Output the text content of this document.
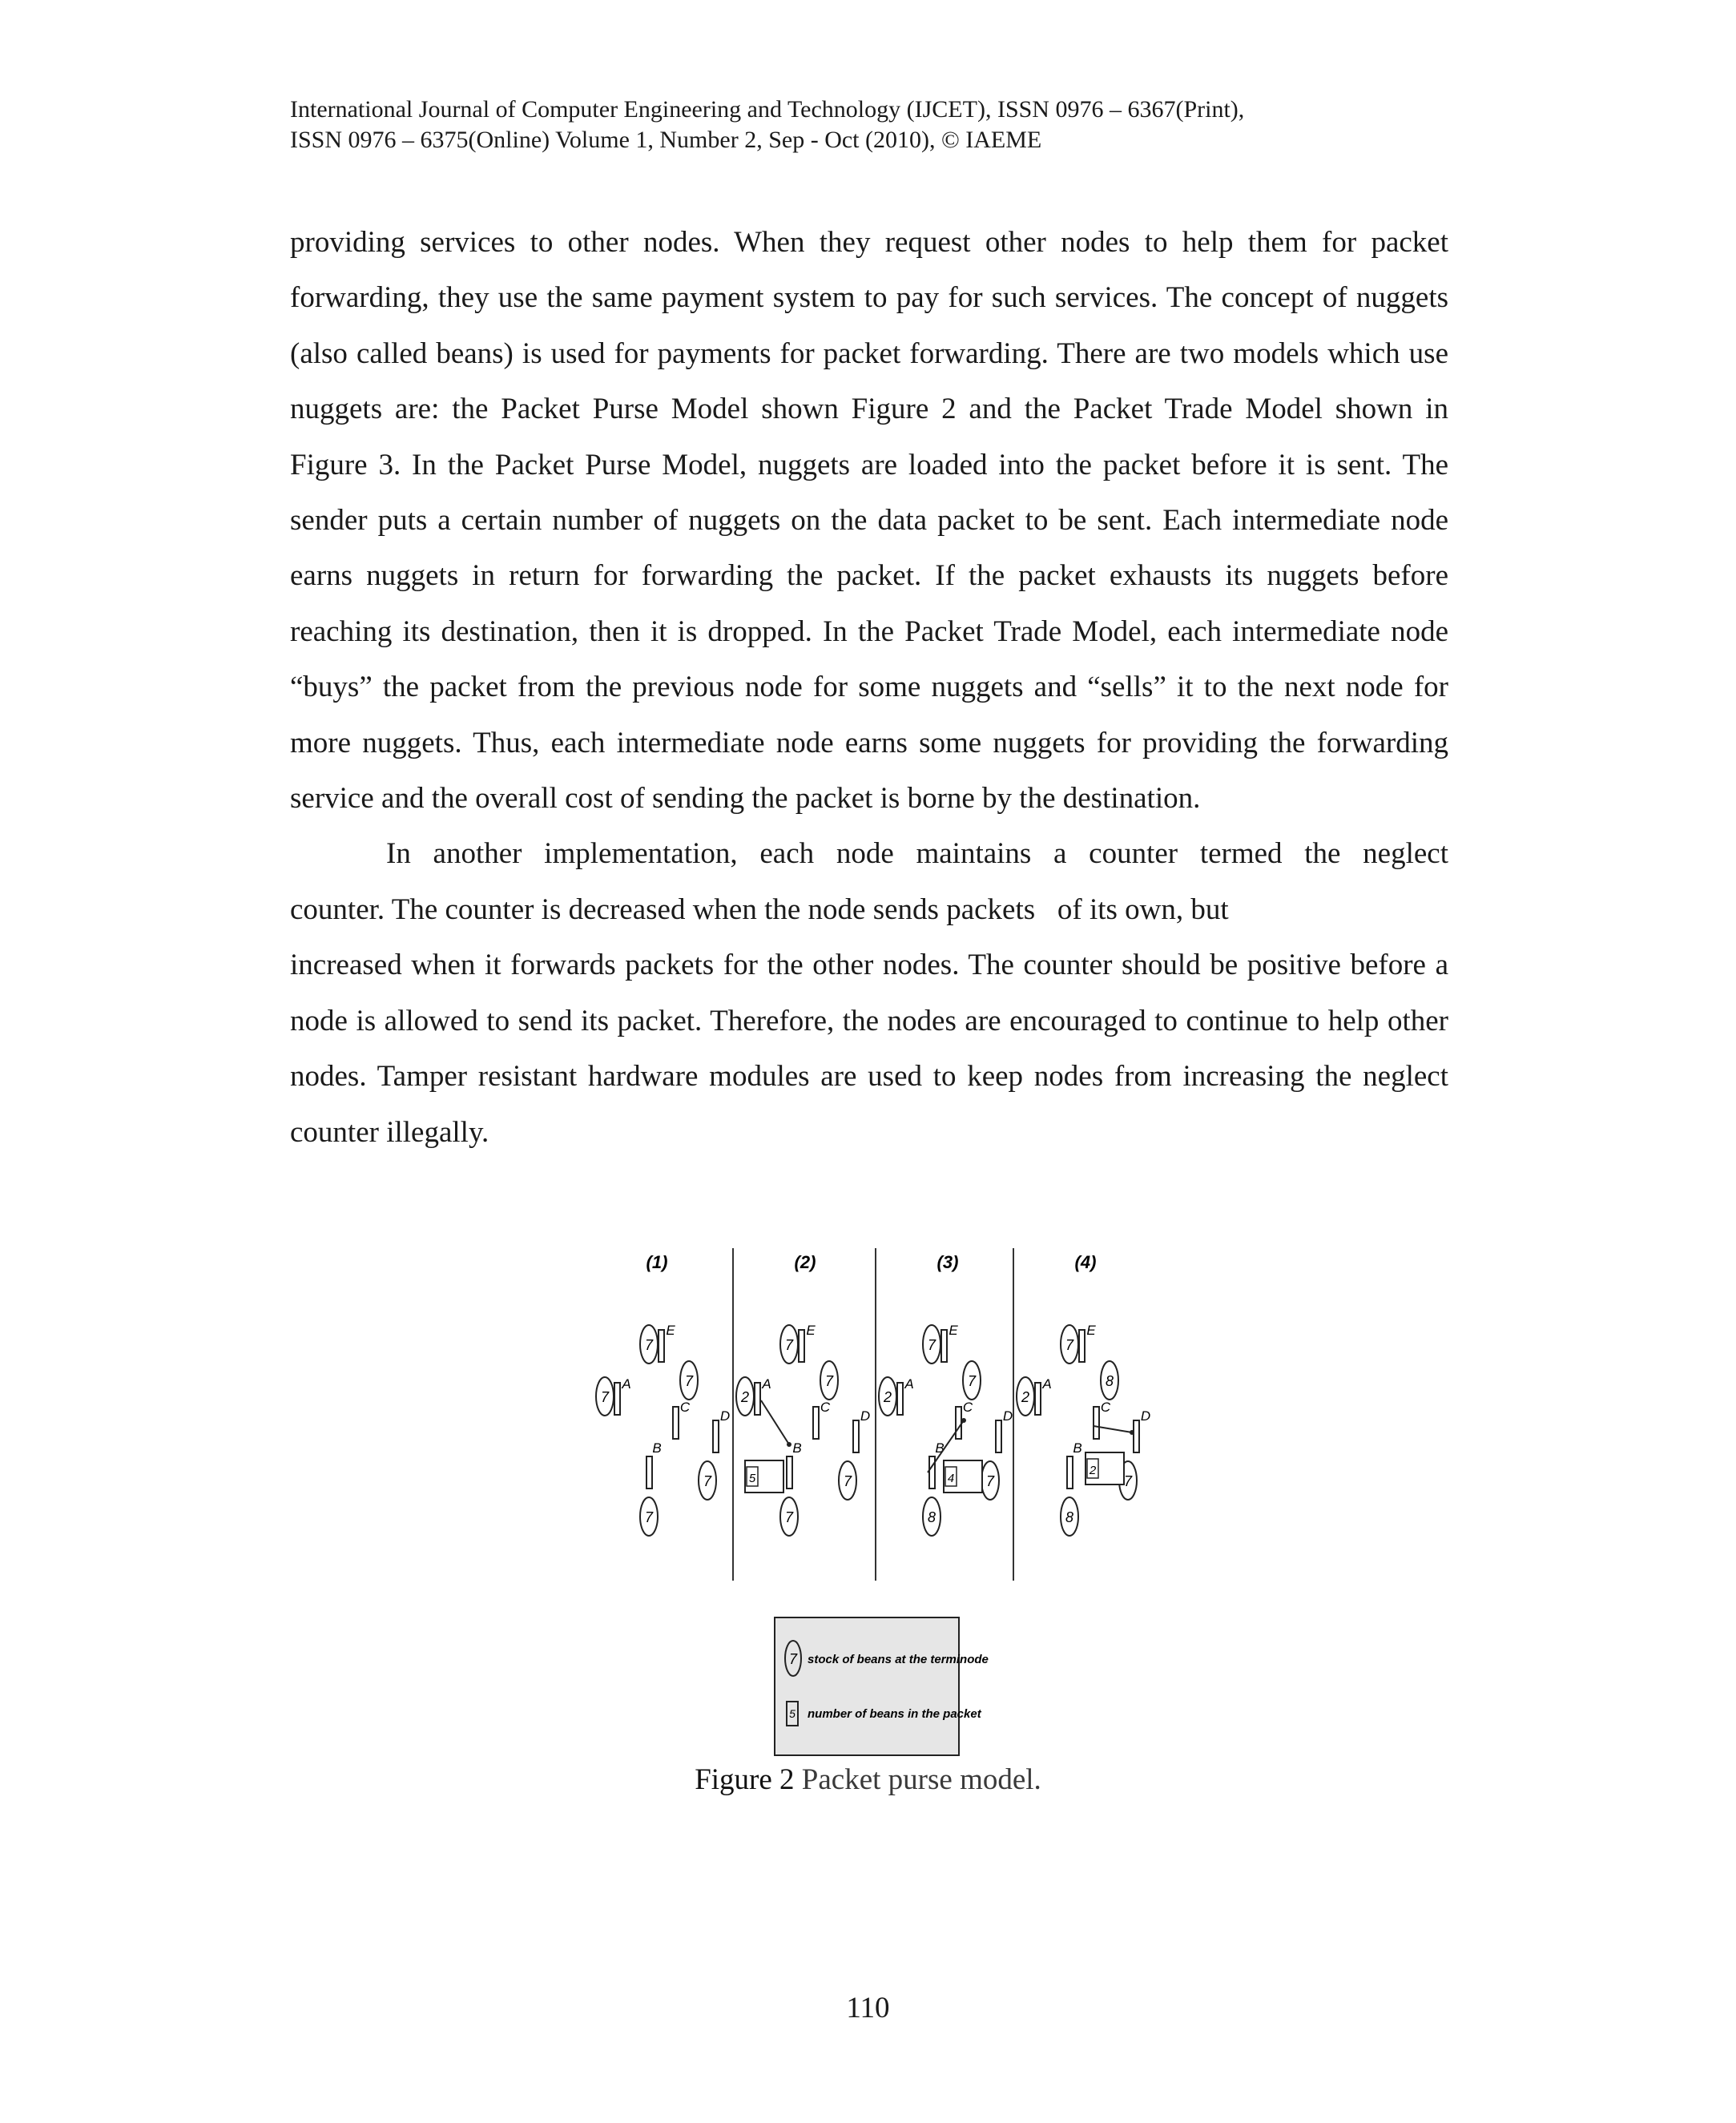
International Journal of Computer Engineering and Technology (IJCET), ISSN 0976 – 6367(Print),
ISSN 0976 – 6375(Online) Volume 1, Number 2, Sep - Oct (2010), © IAEME

providing services to other nodes. When they request other nodes to help them for packet forwarding, they use the same payment system to pay for such services. The concept of nuggets (also called beans) is used for payments for packet forwarding. There are two models which use nuggets are: the Packet Purse Model shown Figure 2 and the Packet Trade Model shown in Figure 3. In the Packet Purse Model, nuggets are loaded into the packet before it is sent. The sender puts a certain number of nuggets on the data packet to be sent. Each intermediate node earns nuggets in return for forwarding the packet. If the packet exhausts its nuggets before reaching its destination, then it is dropped. In the Packet Trade Model, each intermediate node “buys” the packet from the previous node for some nuggets and “sells” it to the next node for more nuggets. Thus, each intermediate node earns some nuggets for providing the forwarding service and the overall cost of sending the packet is borne by the destination.

In another implementation, each node maintains a counter termed the neglect

counter. The counter is decreased when the node sends packets   of its own, but

increased when it forwards packets for the other nodes. The counter should be positive before a node is allowed to send its packet. Therefore, the nodes are encouraged to continue to help other nodes. Tamper resistant hardware modules are used to keep nodes from increasing the neglect counter illegally.

(1)
7
E
7
A	7
C
7
D
7
B
(2)
7
E
2
A	7
C
7
D
7
B
5
(3)
7
E
2
A	7
C
7
D
8
B
4
(4)
7
E
2
A	8
C
7
D
8
B
2
7 stock of beans at the terminode
5 number of beans in the packet
Figure 2 Packet purse model.
110
